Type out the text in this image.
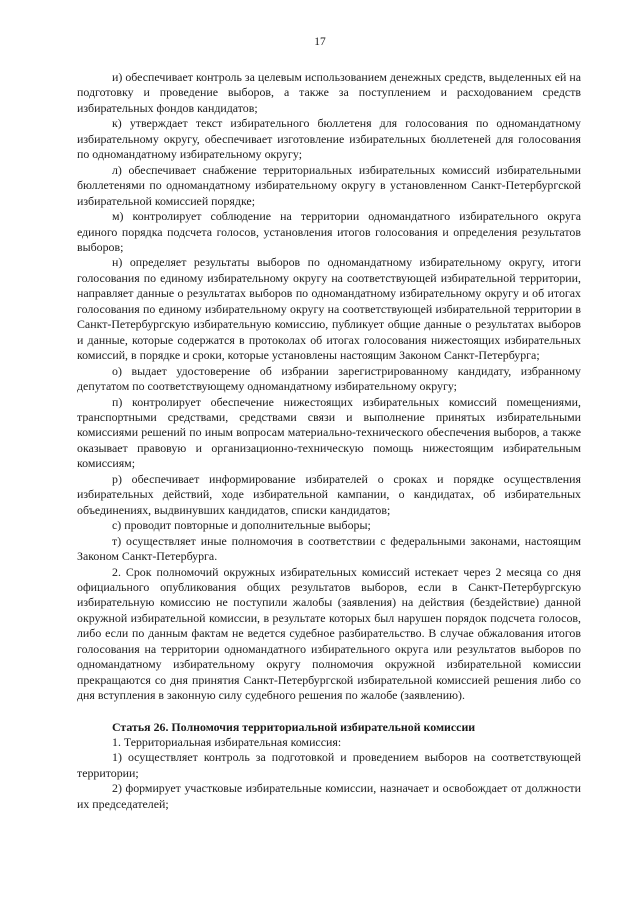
17

и) обеспечивает контроль за целевым использованием денежных средств, выделенных ей на подготовку и проведение выборов, а также за поступлением и расходованием средств избирательных фондов кандидатов;

к) утверждает текст избирательного бюллетеня для голосования по одномандатному избирательному округу, обеспечивает изготовление избирательных бюллетеней для голосования по одномандатному избирательному округу;

л) обеспечивает снабжение территориальных избирательных комиссий избирательными бюллетенями по одномандатному избирательному округу в установленном Санкт-Петербургской избирательной комиссией порядке;

м) контролирует соблюдение на территории одномандатного избирательного округа единого порядка подсчета голосов, установления итогов голосования и определения результатов выборов;

н) определяет результаты выборов по одномандатному избирательному округу, итоги голосования по единому избирательному округу на соответствующей избирательной территории, направляет данные о результатах выборов по одномандатному избирательному округу и об итогах голосования по единому избирательному округу на соответствующей избирательной территории в Санкт-Петербургскую избирательную комиссию, публикует общие данные о результатах выборов и данные, которые содержатся в протоколах об итогах голосования нижестоящих избирательных комиссий, в порядке и сроки, которые установлены настоящим Законом Санкт-Петербурга;

о) выдает удостоверение об избрании зарегистрированному кандидату, избранному депутатом по соответствующему одномандатному избирательному округу;

п) контролирует обеспечение нижестоящих избирательных комиссий помещениями, транспортными средствами, средствами связи и выполнение принятых избирательными комиссиями решений по иным вопросам материально-технического обеспечения выборов, а также оказывает правовую и организационно-техническую помощь нижестоящим избирательным комиссиям;

р) обеспечивает информирование избирателей о сроках и порядке осуществления избирательных действий, ходе избирательной кампании, о кандидатах, об избирательных объединениях, выдвинувших кандидатов, списки кандидатов;

с) проводит повторные и дополнительные выборы;

т) осуществляет иные полномочия в соответствии с федеральными законами, настоящим Законом Санкт-Петербурга.

2. Срок полномочий окружных избирательных комиссий истекает через 2 месяца со дня официального опубликования общих результатов выборов, если в Санкт-Петербургскую избирательную комиссию не поступили жалобы (заявления) на действия (бездействие) данной окружной избирательной комиссии, в результате которых был нарушен порядок подсчета голосов, либо если по данным фактам не ведется судебное разбирательство. В случае обжалования итогов голосования на территории одномандатного избирательного округа или результатов выборов по одномандатному избирательному округу полномочия окружной избирательной комиссии прекращаются со дня принятия Санкт-Петербургской избирательной комиссией решения либо со дня вступления в законную силу судебного решения по жалобе (заявлению).

Статья 26. Полномочия территориальной избирательной комиссии

1. Территориальная избирательная комиссия:

1) осуществляет контроль за подготовкой и проведением выборов на соответствующей территории;

2) формирует участковые избирательные комиссии, назначает и освобождает от должности их председателей;
